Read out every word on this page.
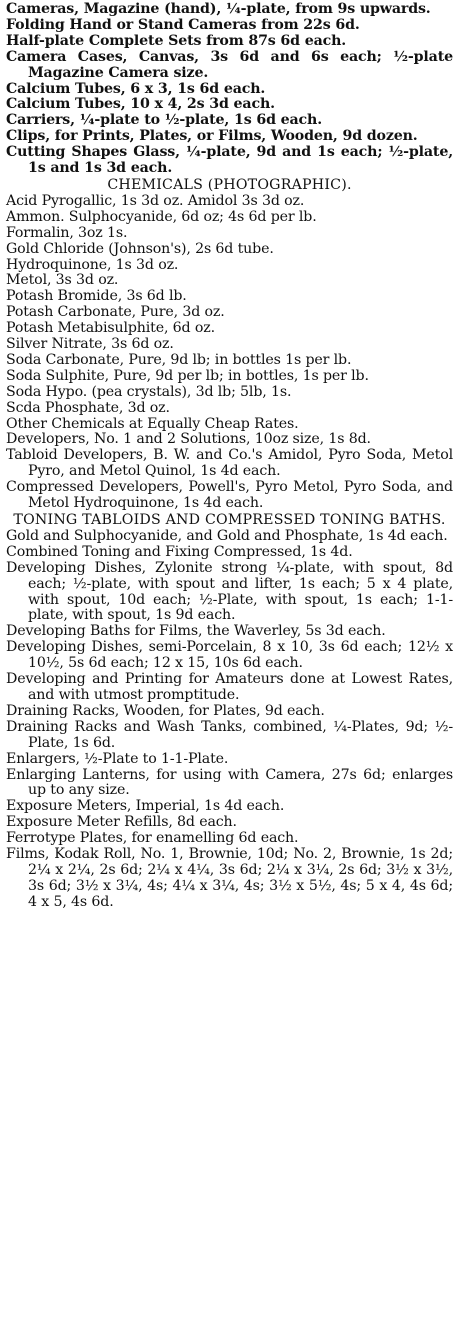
Cameras, Magazine (hand), ¼-plate, from 9s upwards.

Folding Hand or Stand Cameras from 22s 6d.

Half-plate Complete Sets from 87s 6d each.

Camera Cases, Canvas, 3s 6d and 6s each; ½-plate Magazine Camera size.

Calcium Tubes, 6 x 3, 1s 6d each.

Calcium Tubes, 10 x 4, 2s 3d each.

Carriers, ¼-plate to ½-plate, 1s 6d each.

Clips, for Prints, Plates, or Films, Wooden, 9d dozen.

Cutting Shapes Glass, ¼-plate, 9d and 1s each; ½-plate, 1s and 1s 3d each.

CHEMICALS (PHOTOGRAPHIC).

Acid Pyrogallic, 1s 3d oz. Amidol 3s 3d oz.

Ammon. Sulphocyanide, 6d oz; 4s 6d per lb.

Formalin, 3oz 1s.

Gold Chloride (Johnson's), 2s 6d tube.

Hydroquinone, 1s 3d oz.

Metol, 3s 3d oz.

Potash Bromide, 3s 6d lb.

Potash Carbonate, Pure, 3d oz.

Potash Metabisulphite, 6d oz.

Silver Nitrate, 3s 6d oz.

Soda Carbonate, Pure, 9d lb; in bottles 1s per lb.

Soda Sulphite, Pure, 9d per lb; in bottles, 1s per lb.

Soda Hypo. (pea crystals), 3d lb; 5lb, 1s.

Scda Phosphate, 3d oz.

Other Chemicals at Equally Cheap Rates.

Developers, No. 1 and 2 Solutions, 10oz size, 1s 8d.

Tabloid Developers, B. W. and Co.'s Amidol, Pyro Soda, Metol Pyro, and Metol Quinol, 1s 4d each.

Compressed Developers, Powell's, Pyro Metol, Pyro Soda, and Metol Hydroquinone, 1s 4d each.

TONING TABLOIDS AND COMPRESSED TONING BATHS.

Gold and Sulphocyanide, and Gold and Phosphate, 1s 4d each.

Combined Toning and Fixing Compressed, 1s 4d.

Developing Dishes, Zylonite strong ¼-plate, with spout, 8d each; ½-plate, with spout and lifter, 1s each; 5 x 4 plate, with spout, 10d each; ½-Plate, with spout, 1s each; 1-1-plate, with spout, 1s 9d each.

Developing Baths for Films, the Waverley, 5s 3d each.

Developing Dishes, semi-Porcelain, 8 x 10, 3s 6d each; 12½ x 10½, 5s 6d each; 12 x 15, 10s 6d each.

Developing and Printing for Amateurs done at Lowest Rates, and with utmost promptitude.

Draining Racks, Wooden, for Plates, 9d each.

Draining Racks and Wash Tanks, combined, ¼-Plates, 9d; ½-Plate, 1s 6d.

Enlargers, ½-Plate to 1-1-Plate.

Enlarging Lanterns, for using with Camera, 27s 6d; enlarges up to any size.

Exposure Meters, Imperial, 1s 4d each.

Exposure Meter Refills, 8d each.

Ferrotype Plates, for enamelling 6d each.

Films, Kodak Roll, No. 1, Brownie, 10d; No. 2, Brownie, 1s 2d; 2¼ x 2¼, 2s 6d; 2¼ x 4¼, 3s 6d; 2¼ x 3¼, 2s 6d; 3½ x 3½, 3s 6d; 3½ x 3¼, 4s; 4¼ x 3¼, 4s; 3½ x 5½, 4s; 5 x 4, 4s 6d; 4 x 5, 4s 6d.
